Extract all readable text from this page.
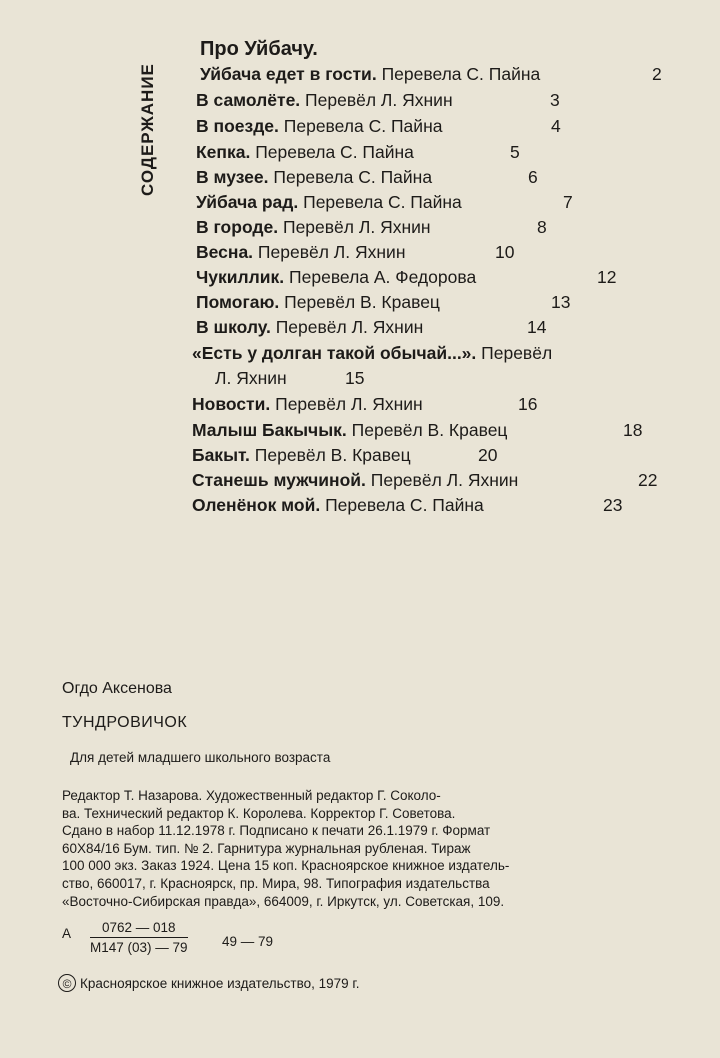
СОДЕРЖАНИЕ
Про Уйбачу.
Уйбача едет в гости. Перевела С. Пайна	2
В самолёте. Перевёл Л. Яхнин	3
В поезде. Перевела С. Пайна	4
Кепка. Перевела С. Пайна	5
В музее. Перевела С. Пайна	6
Уйбача рад. Перевела С. Пайна	7
В городе. Перевёл Л. Яхнин	8
Весна. Перевёл Л. Яхнин	10
Чукиллик. Перевела А. Федорова	12
Помогаю. Перевёл В. Кравец	13
В школу. Перевёл Л. Яхнин	14
«Есть у долган такой обычай...». Перевёл
Л. Яхнин	15
Новости. Перевёл Л. Яхнин	16
Малыш Бакычык. Перевёл В. Кравец	18
Бакыт. Перевёл В. Кравец	20
Станешь мужчиной. Перевёл Л. Яхнин	22
Оленёнок мой. Перевела С. Пайна	23
Огдо Аксенова
ТУНДРОВИЧОК
Для детей младшего школьного возраста
Редактор Т. Назарова. Художественный редактор Г. Соколо-
ва. Технический редактор К. Королева. Корректор Г. Советова.
Сдано в набор 11.12.1978 г. Подписано к печати 26.1.1979 г. Формат
60X84/16 Бум. тип. № 2. Гарнитура журнальная рубленая. Тираж
100 000 экз. Заказ 1924. Цена 15 коп. Красноярское книжное издатель-
ство, 660017, г. Красноярск, пр. Мира, 98. Типография издательства
«Восточно-Сибирская правда», 664009, г. Иркутск, ул. Советская, 109.
А	0762 — 018
М147 (03) — 79	49 — 79
© Красноярское книжное издательство, 1979 г.
